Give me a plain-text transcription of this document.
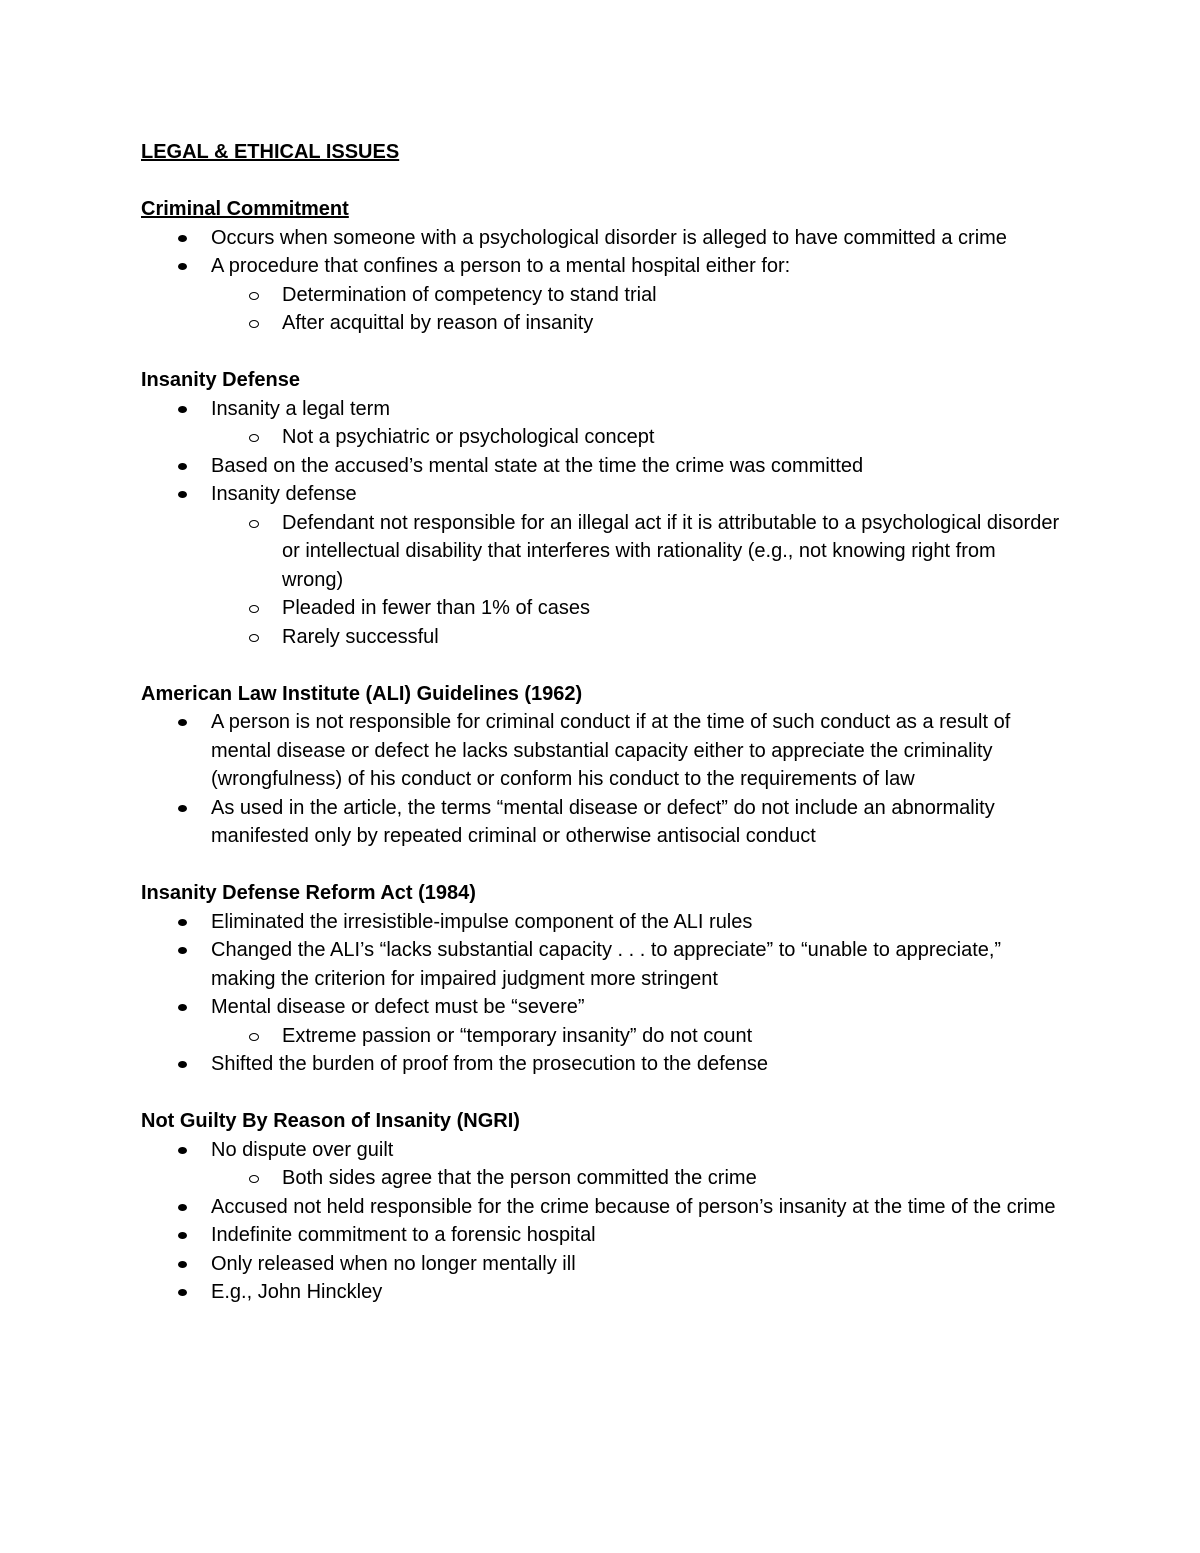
LEGAL & ETHICAL ISSUES
Criminal Commitment
Occurs when someone with a psychological disorder is alleged to have committed a crime
A procedure that confines a person to a mental hospital either for:
Determination of competency to stand trial
After acquittal by reason of insanity
Insanity Defense
Insanity a legal term
Not a psychiatric or psychological concept
Based on the accused’s mental state at the time the crime was committed
Insanity defense
Defendant not responsible for an illegal act if it is attributable to a psychological disorder or intellectual disability that interferes with rationality (e.g., not knowing right from wrong)
Pleaded in fewer than 1% of cases
Rarely successful
American Law Institute (ALI) Guidelines (1962)
A person is not responsible for criminal conduct if at the time of such conduct as a result of mental disease or defect he lacks substantial capacity either to appreciate the criminality (wrongfulness) of his conduct or conform his conduct to the requirements of law
As used in the article, the terms “mental disease or defect” do not include an abnormality manifested only by repeated criminal or otherwise antisocial conduct
Insanity Defense Reform Act (1984)
Eliminated the irresistible-impulse component of the ALI rules
Changed the ALI’s “lacks substantial capacity . . . to appreciate” to “unable to appreciate,” making the criterion for impaired judgment more stringent
Mental disease or defect must be “severe”
Extreme passion or “temporary insanity” do not count
Shifted the burden of proof from the prosecution to the defense
Not Guilty By Reason of Insanity (NGRI)
No dispute over guilt
Both sides agree that the person committed the crime
Accused not held responsible for the crime because of person’s insanity at the time of the crime
Indefinite commitment to a forensic hospital
Only released when no longer mentally ill
E.g., John Hinckley
